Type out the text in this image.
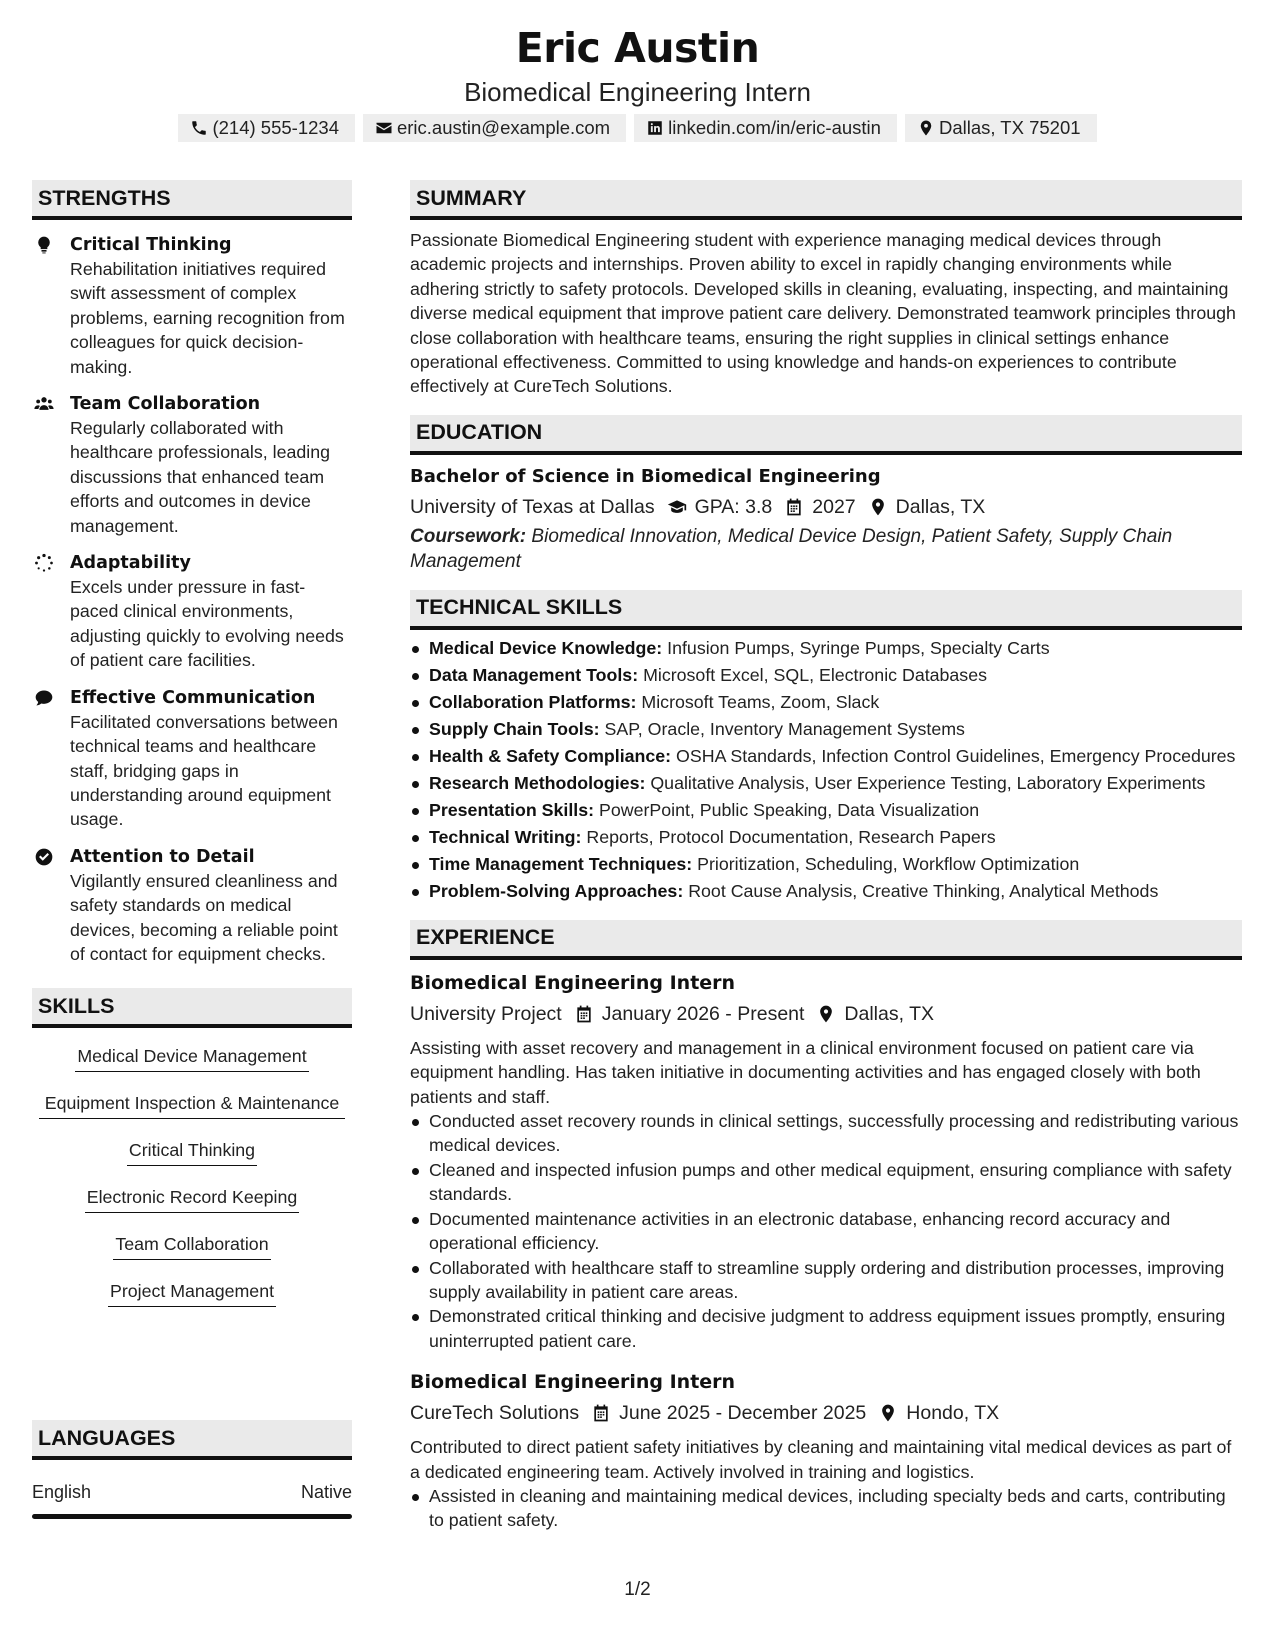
Eric Austin
Biomedical Engineering Intern
(214) 555-1234	eric.austin@example.com	linkedin.com/in/eric-austin	Dallas, TX 75201
STRENGTHS
Critical Thinking
Rehabilitation initiatives required swift assessment of complex problems, earning recognition from colleagues for quick decision-making.
Team Collaboration
Regularly collaborated with healthcare professionals, leading discussions that enhanced team efforts and outcomes in device management.
Adaptability
Excels under pressure in fast-paced clinical environments, adjusting quickly to evolving needs of patient care facilities.
Effective Communication
Facilitated conversations between technical teams and healthcare staff, bridging gaps in understanding around equipment usage.
Attention to Detail
Vigilantly ensured cleanliness and safety standards on medical devices, becoming a reliable point of contact for equipment checks.
SKILLS
Medical Device Management
Equipment Inspection & Maintenance
Critical Thinking
Electronic Record Keeping
Team Collaboration
Project Management
LANGUAGES
English	Native
SUMMARY
Passionate Biomedical Engineering student with experience managing medical devices through academic projects and internships. Proven ability to excel in rapidly changing environments while adhering strictly to safety protocols. Developed skills in cleaning, evaluating, inspecting, and maintaining diverse medical equipment that improve patient care delivery. Demonstrated teamwork principles through close collaboration with healthcare teams, ensuring the right supplies in clinical settings enhance operational effectiveness. Committed to using knowledge and hands-on experiences to contribute effectively at CureTech Solutions.
EDUCATION
Bachelor of Science in Biomedical Engineering
University of Texas at Dallas GPA: 3.8 2027 Dallas, TX
Coursework: Biomedical Innovation, Medical Device Design, Patient Safety, Supply Chain Management
TECHNICAL SKILLS
Medical Device Knowledge: Infusion Pumps, Syringe Pumps, Specialty Carts
Data Management Tools: Microsoft Excel, SQL, Electronic Databases
Collaboration Platforms: Microsoft Teams, Zoom, Slack
Supply Chain Tools: SAP, Oracle, Inventory Management Systems
Health & Safety Compliance: OSHA Standards, Infection Control Guidelines, Emergency Procedures
Research Methodologies: Qualitative Analysis, User Experience Testing, Laboratory Experiments
Presentation Skills: PowerPoint, Public Speaking, Data Visualization
Technical Writing: Reports, Protocol Documentation, Research Papers
Time Management Techniques: Prioritization, Scheduling, Workflow Optimization
Problem-Solving Approaches: Root Cause Analysis, Creative Thinking, Analytical Methods
EXPERIENCE
Biomedical Engineering Intern
University Project January 2026 - Present Dallas, TX
Assisting with asset recovery and management in a clinical environment focused on patient care via equipment handling. Has taken initiative in documenting activities and has engaged closely with both patients and staff.
Conducted asset recovery rounds in clinical settings, successfully processing and redistributing various medical devices.
Cleaned and inspected infusion pumps and other medical equipment, ensuring compliance with safety standards.
Documented maintenance activities in an electronic database, enhancing record accuracy and operational efficiency.
Collaborated with healthcare staff to streamline supply ordering and distribution processes, improving supply availability in patient care areas.
Demonstrated critical thinking and decisive judgment to address equipment issues promptly, ensuring uninterrupted patient care.
Biomedical Engineering Intern
CureTech Solutions June 2025 - December 2025 Hondo, TX
Contributed to direct patient safety initiatives by cleaning and maintaining vital medical devices as part of a dedicated engineering team. Actively involved in training and logistics.
Assisted in cleaning and maintaining medical devices, including specialty beds and carts, contributing to patient safety.
1/2
